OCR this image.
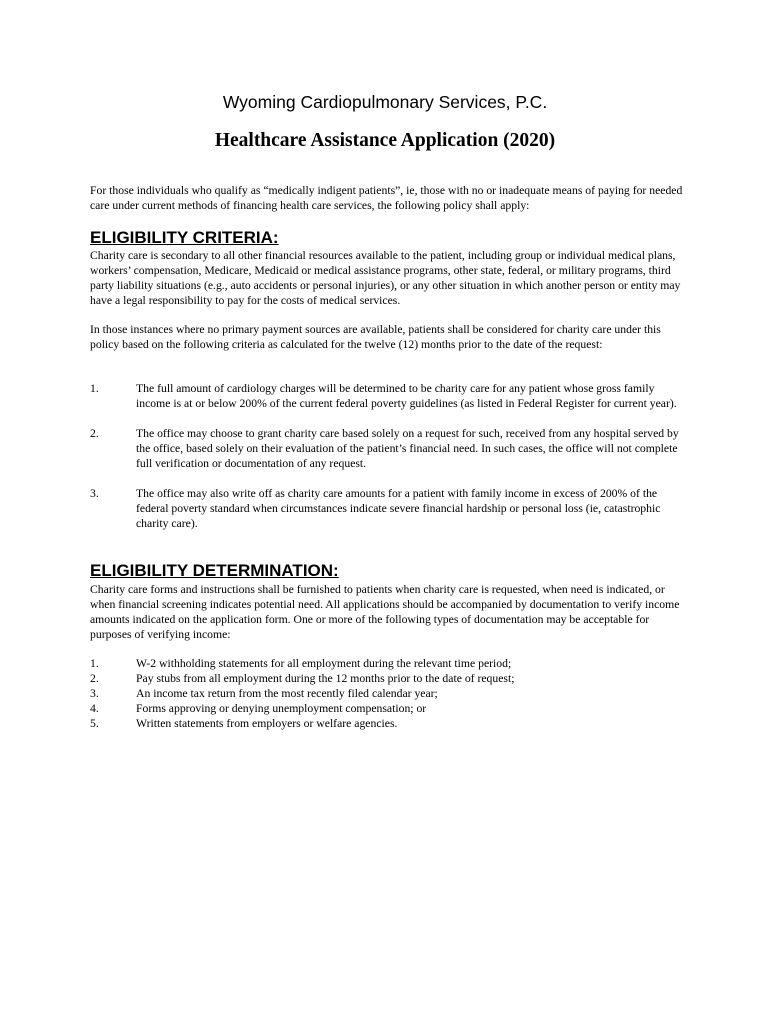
Wyoming Cardiopulmonary Services, P.C.
Healthcare Assistance Application (2020)
For those individuals who qualify as “medically indigent patients”, ie, those with no or inadequate means of paying for needed care under current methods of financing health care services, the following policy shall apply:
ELIGIBILITY CRITERIA:
Charity care is secondary to all other financial resources available to the patient, including group or individual medical plans, workers’ compensation, Medicare, Medicaid or medical assistance programs, other state, federal, or military programs, third party liability situations (e.g., auto accidents or personal injuries), or any other situation in which another person or entity may have a legal responsibility to pay for the costs of medical services.
In those instances where no primary payment sources are available, patients shall be considered for charity care under this policy based on the following criteria as calculated for the twelve (12) months prior to the date of the request:
1.	The full amount of cardiology charges will be determined to be charity care for any patient whose gross family income is at or below 200% of the current federal poverty guidelines (as listed in Federal Register for current year).
2.	The office may choose to grant charity care based solely on a request for such, received from any hospital served by the office, based solely on their evaluation of the patient’s financial need. In such cases, the office will not complete full verification or documentation of any request.
3.	The office may also write off as charity care amounts for a patient with family income in excess of 200% of the federal poverty standard when circumstances indicate severe financial hardship or personal loss (ie, catastrophic charity care).
ELIGIBILITY DETERMINATION:
Charity care forms and instructions shall be furnished to patients when charity care is requested, when need is indicated, or when financial screening indicates potential need. All applications should be accompanied by documentation to verify income amounts indicated on the application form. One or more of the following types of documentation may be acceptable for purposes of verifying income:
1.	W-2 withholding statements for all employment during the relevant time period;
2.	Pay stubs from all employment during the 12 months prior to the date of request;
3.	An income tax return from the most recently filed calendar year;
4.	Forms approving or denying unemployment compensation; or
5.	Written statements from employers or welfare agencies.
